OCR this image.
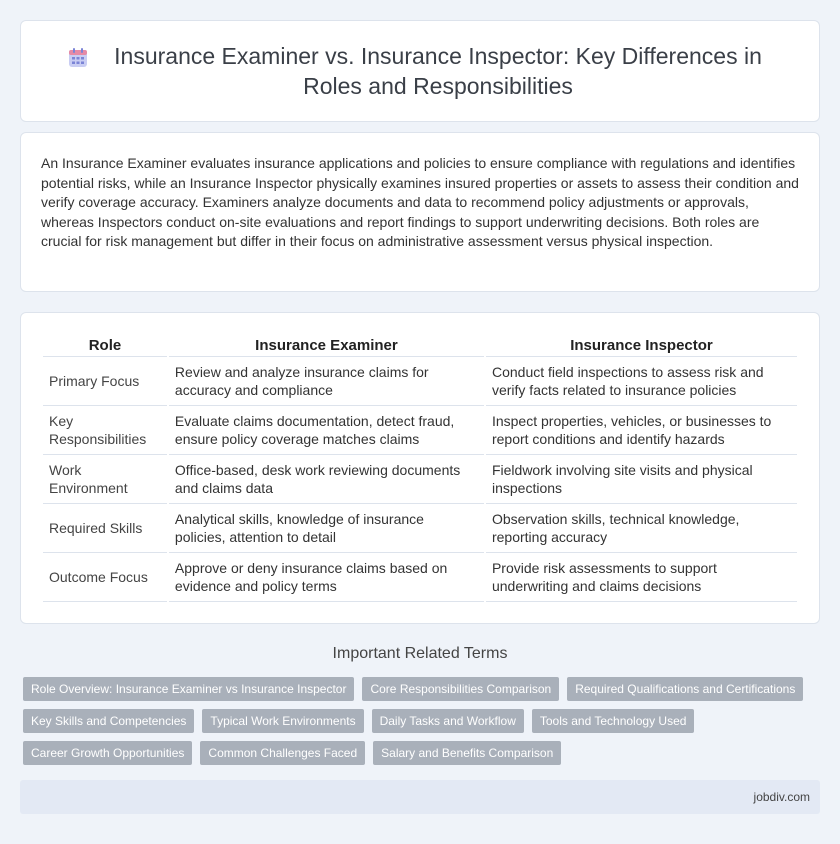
Insurance Examiner vs. Insurance Inspector: Key Differences in Roles and Responsibilities

An Insurance Examiner evaluates insurance applications and policies to ensure compliance with regulations and identifies potential risks, while an Insurance Inspector physically examines insured properties or assets to assess their condition and verify coverage accuracy. Examiners analyze documents and data to recommend policy adjustments or approvals, whereas Inspectors conduct on-site evaluations and report findings to support underwriting decisions. Both roles are crucial for risk management but differ in their focus on administrative assessment versus physical inspection.

Role	Insurance Examiner	Insurance Inspector
Primary Focus	Review and analyze insurance claims for accuracy and compliance	Conduct field inspections to assess risk and verify facts related to insurance policies
Key Responsibilities	Evaluate claims documentation, detect fraud, ensure policy coverage matches claims	Inspect properties, vehicles, or businesses to report conditions and identify hazards
Work Environment	Office-based, desk work reviewing documents and claims data	Fieldwork involving site visits and physical inspections
Required Skills	Analytical skills, knowledge of insurance policies, attention to detail	Observation skills, technical knowledge, reporting accuracy
Outcome Focus	Approve or deny insurance claims based on evidence and policy terms	Provide risk assessments to support underwriting and claims decisions
Important Related Terms
Role Overview: Insurance Examiner vs Insurance Inspector	Core Responsibilities Comparison	Required Qualifications and Certifications
Key Skills and Competencies	Typical Work Environments	Daily Tasks and Workflow	Tools and Technology Used
Career Growth Opportunities	Common Challenges Faced	Salary and Benefits Comparison
jobdiv.com
